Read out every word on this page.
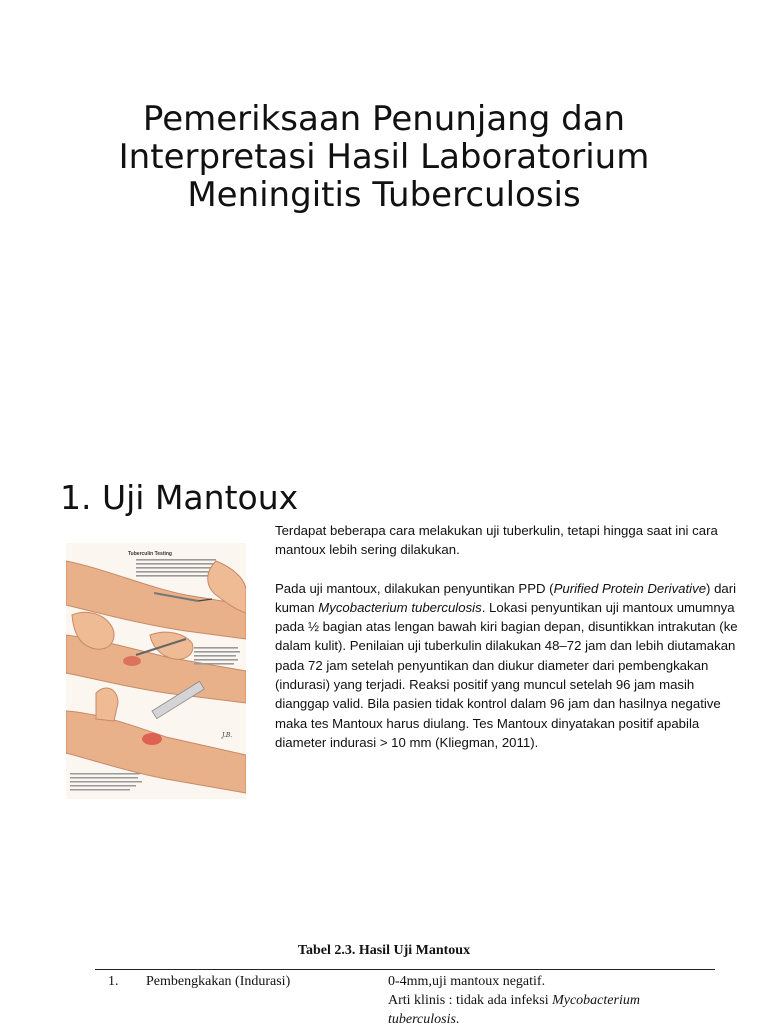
Pemeriksaan Penunjang dan
Interpretasi Hasil Laboratorium
Meningitis Tuberculosis
1. Uji Mantoux
Tuberculin Testing
J.B.

Terdapat beberapa cara melakukan uji tuberkulin, tetapi hingga saat ini cara mantoux lebih sering dilakukan.

Pada uji mantoux, dilakukan penyuntikan PPD (Purified Protein Derivative) dari kuman Mycobacterium tuberculosis. Lokasi penyuntikan uji mantoux umumnya pada ½ bagian atas lengan bawah kiri bagian depan, disuntikkan intrakutan (ke dalam kulit). Penilaian uji tuberkulin dilakukan 48–72 jam dan lebih diutamakan pada 72 jam setelah penyuntikan dan diukur diameter dari pembengkakan (indurasi) yang terjadi. Reaksi positif yang muncul setelah 96 jam masih dianggap valid. Bila pasien tidak kontrol dalam 96 jam dan hasilnya negative maka tes Mantoux harus diulang. Tes Mantoux dinyatakan positif apabila diameter indurasi > 10 mm (Kliegman, 2011).

Tabel 2.3. Hasil Uji Mantoux
1. Pembengkakan (Indurasi)	0-4mm,uji mantoux negatif.
Arti klinis : tidak ada infeksi Mycobacterium
tuberculosis.
